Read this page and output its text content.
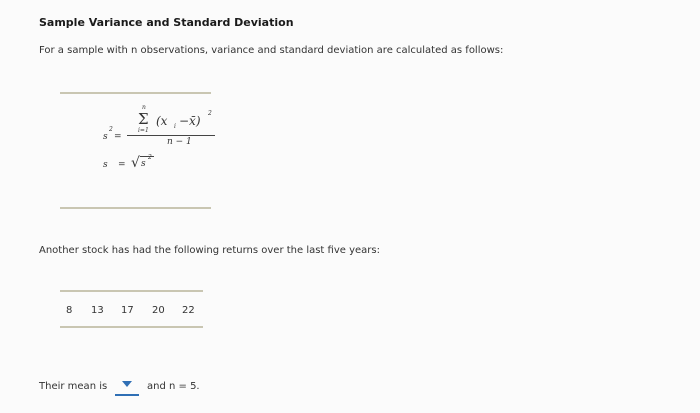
Sample Variance and Standard Deviation
For a sample with n observations, variance and standard deviation are calculated as follows:
s
2
=
n
Σ
i=1
(x i −x̄)
2
n − 1
s = √ s
2
Another stock has had the following returns over the last five years:
8 13 17 20 22
Their mean is	and n = 5.
